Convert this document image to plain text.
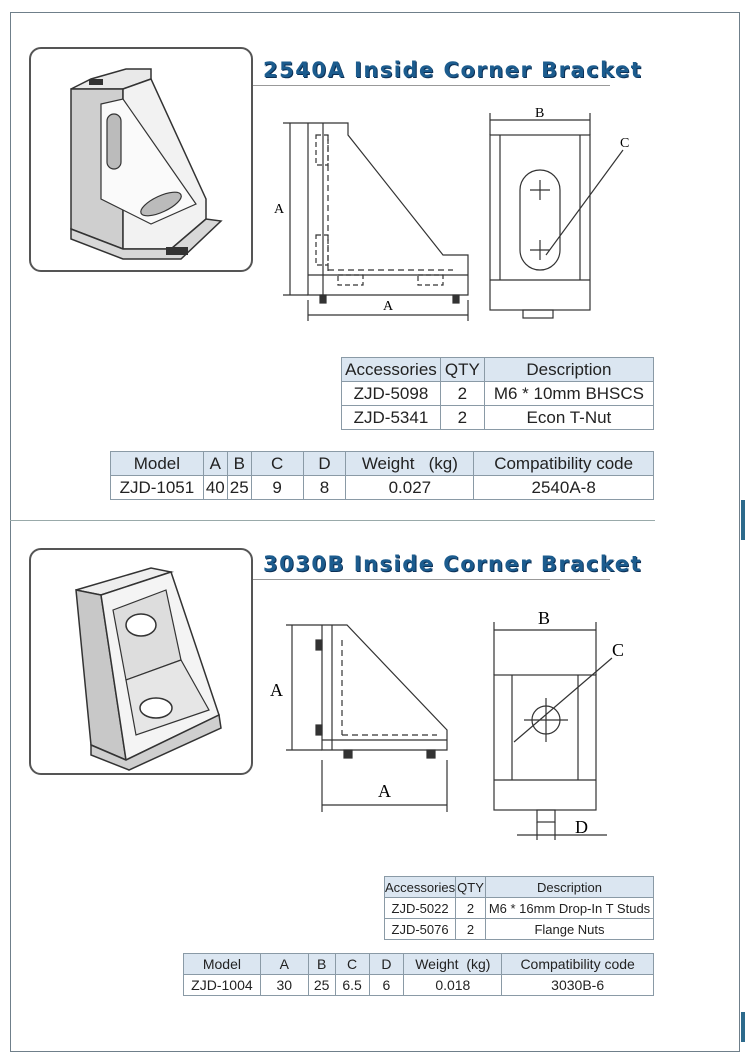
2540A Inside Corner Bracket
A
A
B
C
Accessories	QTY	Description
ZJD-5098	2	M6 * 10mm BHSCS
ZJD-5341	2	Econ T-Nut
Model	A	B	C	D	Weight   (kg)	Compatibility code
ZJD-1051	40	25	9	8	0.027	2540A-8
3030B Inside Corner Bracket
A
A
B
C
D
Accessories	QTY	Description
ZJD-5022	2	M6 * 16mm Drop-In T Studs
ZJD-5076	2	Flange Nuts
Model	A	B	C	D	Weight  (kg)	Compatibility code
ZJD-1004	30	25	6.5	6	0.018	3030B-6
